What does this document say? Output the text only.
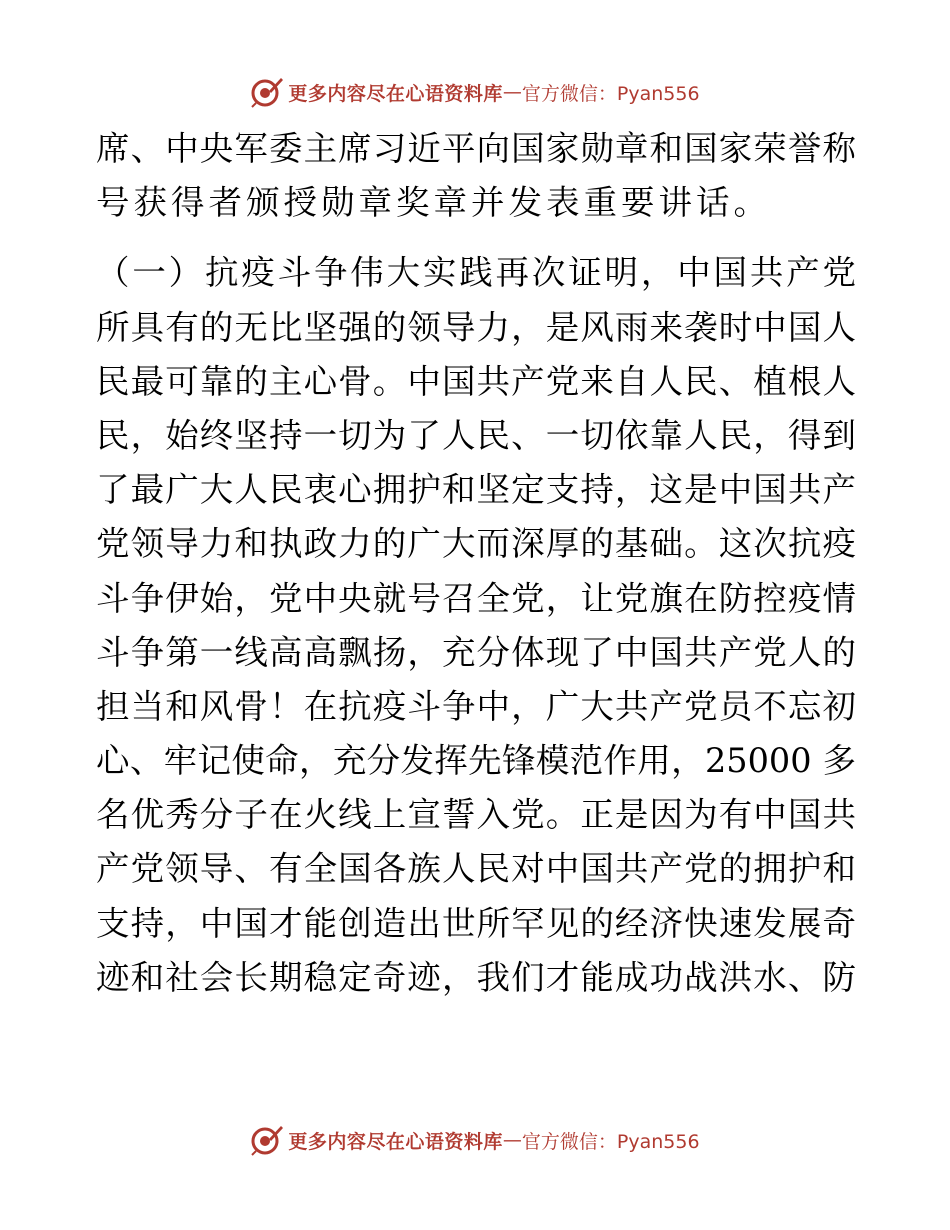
更多内容尽在心语资料库 — 官方微信：Pyan556
席、中央军委主席习近平向国家勋章和国家荣誉称
号获得者颁授勋章奖章并发表重要讲话。
（一）抗疫斗争伟大实践再次证明，中国共产党
所具有的无比坚强的领导力，是风雨来袭时中国人
民最可靠的主心骨。中国共产党来自人民、植根人
民，始终坚持一切为了人民、一切依靠人民，得到
了最广大人民衷心拥护和坚定支持，这是中国共产
党领导力和执政力的广大而深厚的基础。这次抗疫
斗争伊始，党中央就号召全党，让党旗在防控疫情
斗争第一线高高飘扬，充分体现了中国共产党人的
担当和风骨！在抗疫斗争中，广大共产党员不忘初
心、牢记使命，充分发挥先锋模范作用，25000 多
名优秀分子在火线上宣誓入党。正是因为有中国共
产党领导、有全国各族人民对中国共产党的拥护和
支持，中国才能创造出世所罕见的经济快速发展奇
迹和社会长期稳定奇迹，我们才能成功战洪水、防
更多内容尽在心语资料库 — 官方微信：Pyan556
